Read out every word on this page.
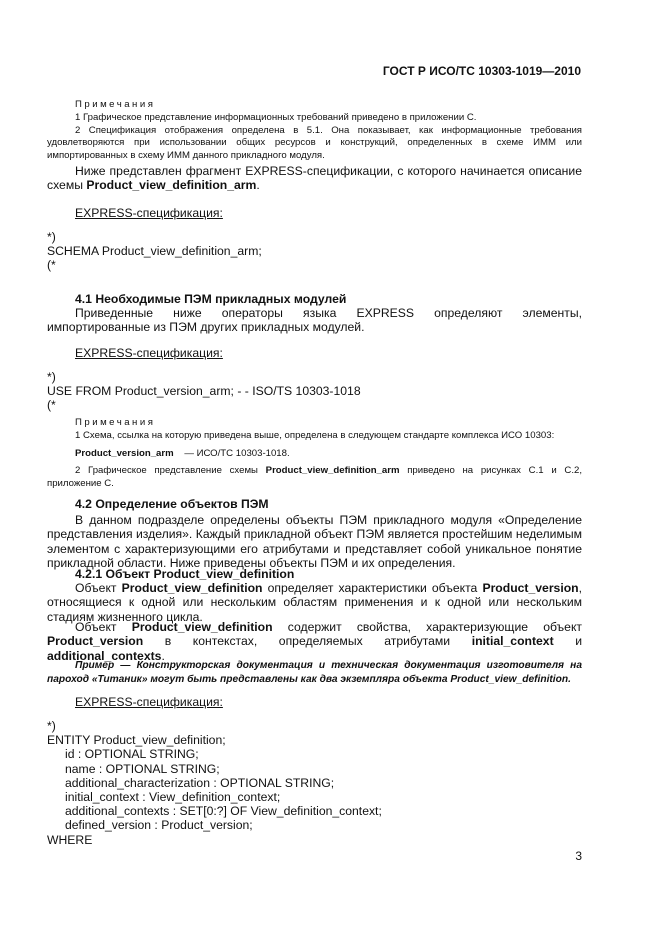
ГОСТ Р ИСО/ТС 10303-1019—2010
Примечания
1 Графическое представление информационных требований приведено в приложении С.
2 Спецификация отображения определена в 5.1. Она показывает, как информационные требования удовлетворяются при использовании общих ресурсов и конструкций, определенных в схеме ИММ или импортированных в схему ИММ данного прикладного модуля.

Ниже представлен фрагмент EXPRESS-спецификации, с которого начинается описание схемы Product_view_definition_arm.

EXPRESS-спецификация:
*)
SCHEMA Product_view_definition_arm;
(*
4.1 Необходимые ПЭМ прикладных модулей

Приведенные ниже операторы языка EXPRESS определяют элементы, импортированные из ПЭМ других прикладных модулей.

EXPRESS-спецификация:
*)
USE FROM Product_version_arm; - - ISO/TS 10303-1018
(*
Примечания
1 Схема, ссылка на которую приведена выше, определена в следующем стандарте комплекса ИСО 10303:
Product_version_arm — ИСО/ТС 10303-1018.
2 Графическое представление схемы Product_view_definition_arm приведено на рисунках С.1 и С.2, приложение С.
4.2 Определение объектов ПЭМ

В данном подразделе определены объекты ПЭМ прикладного модуля «Определение представления изделия». Каждый прикладной объект ПЭМ является простейшим неделимым элементом с характеризующими его атрибутами и представляет собой уникальное понятие прикладной области. Ниже приведены объекты ПЭМ и их определения.

4.2.1 Объект Product_view_definition

Объект Product_view_definition определяет характеристики объекта Product_version, относящиеся к одной или нескольким областям применения и к одной или нескольким стадиям жизненного цикла.

Объект Product_view_definition содержит свойства, характеризующие объект Product_version в контекстах, определяемых атрибутами initial_context и additional_contexts.

Пример — Конструкторская документация и техническая документация изготовителя на пароход «Титаник» могут быть представлены как два экземпляра объекта Product_view_definition.

EXPRESS-спецификация:
*)
ENTITY Product_view_definition;
id : OPTIONAL STRING;
name : OPTIONAL STRING;
additional_characterization : OPTIONAL STRING;
initial_context : View_definition_context;
additional_contexts : SET[0:?] OF View_definition_context;
defined_version : Product_version;
WHERE
3
